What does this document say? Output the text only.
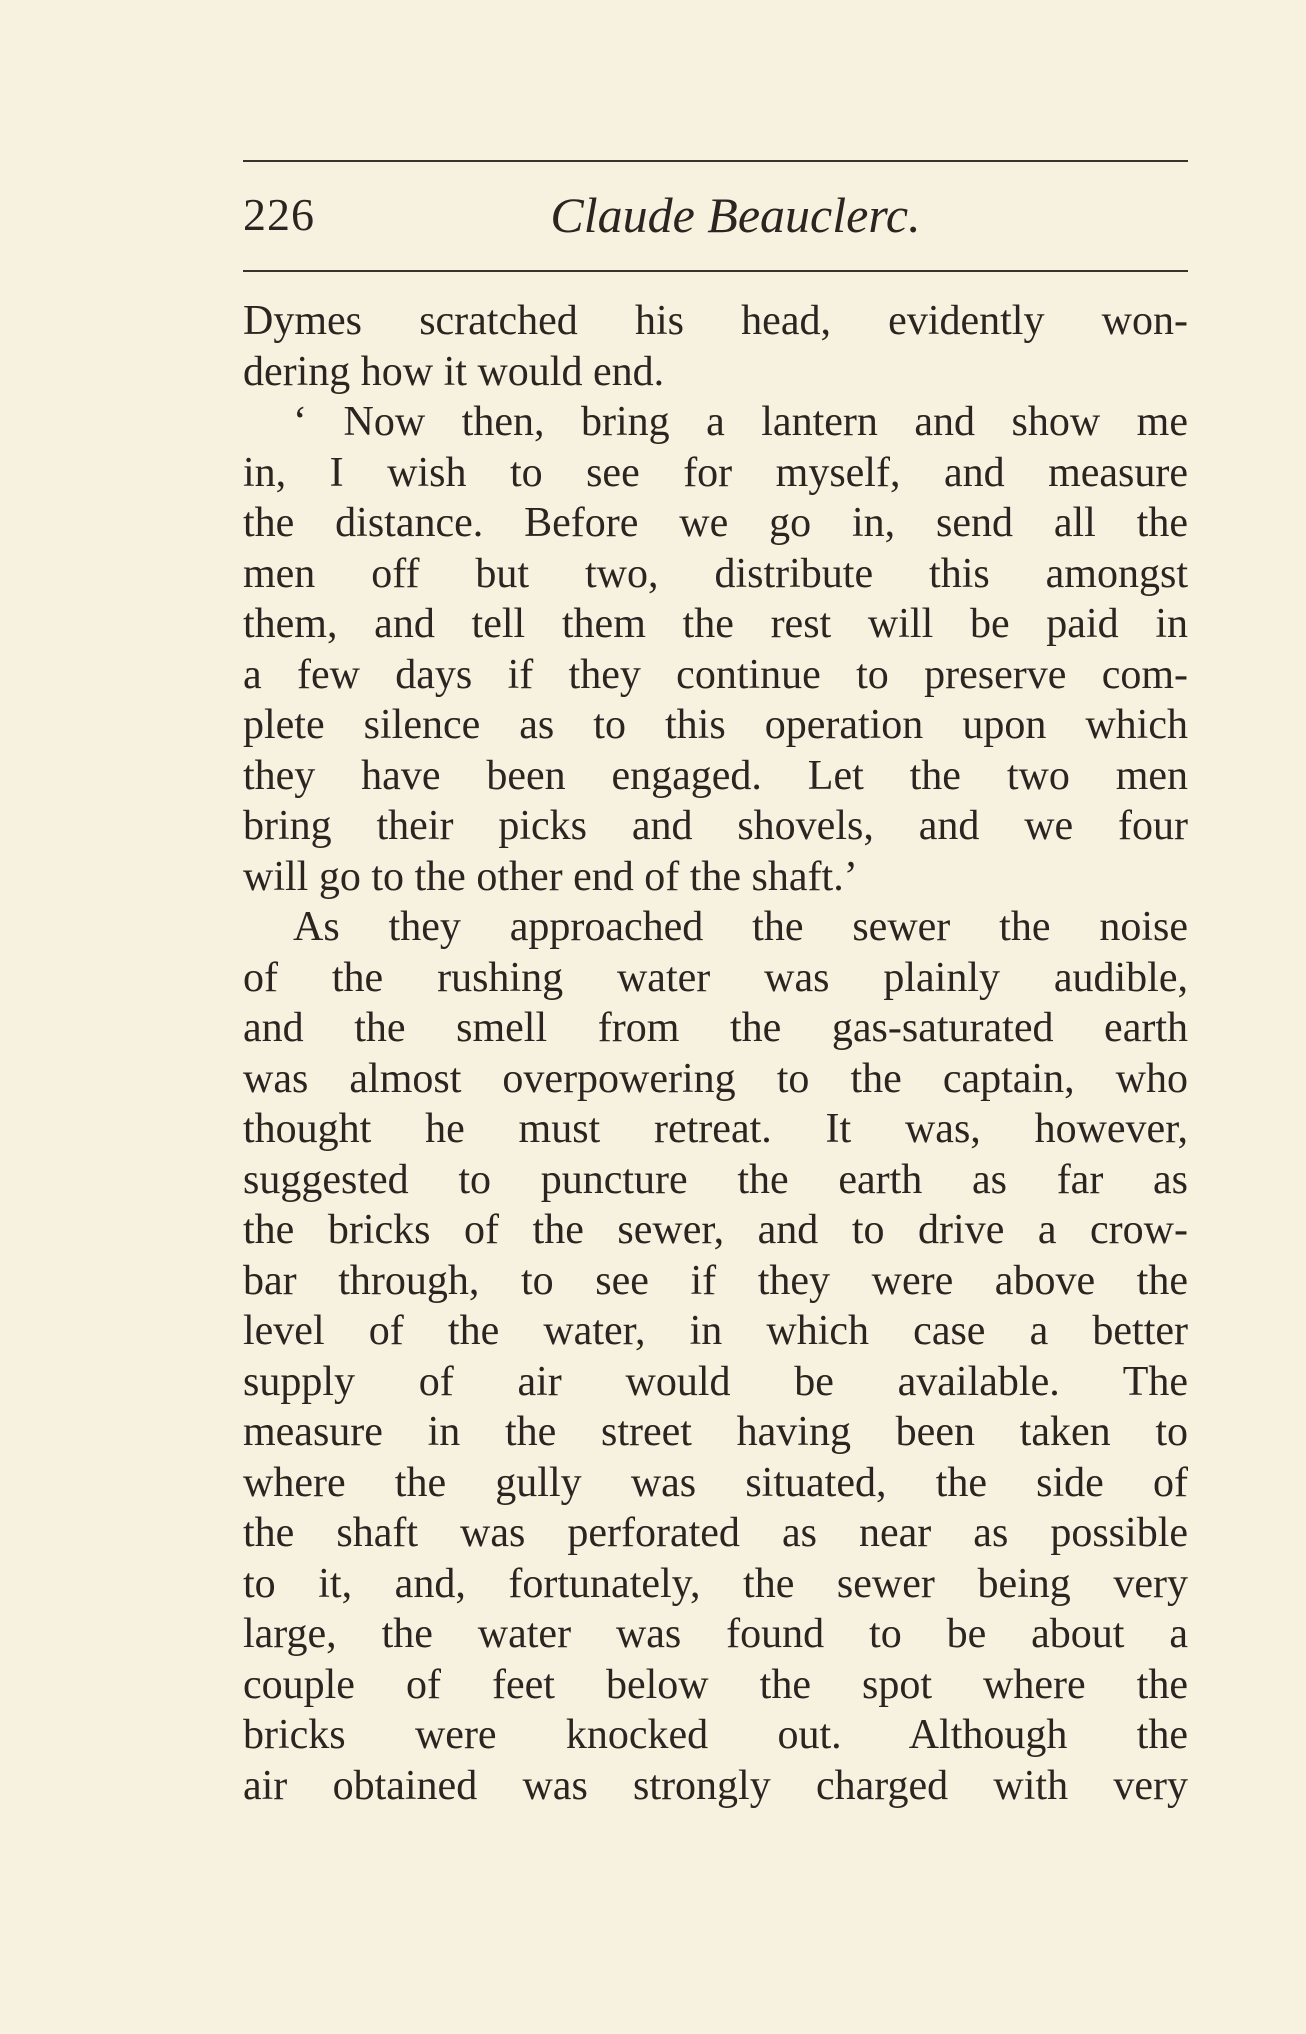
226	Claude Beauclerc.
Dymes scratched his head, evidently won-
dering how it would end.
‘ Now then, bring a lantern and show me
in, I wish to see for myself, and measure
the distance. Before we go in, send all the
men off but two, distribute this amongst
them, and tell them the rest will be paid in
a few days if they continue to preserve com-
plete silence as to this operation upon which
they have been engaged. Let the two men
bring their picks and shovels, and we four
will go to the other end of the shaft.’
As they approached the sewer the noise
of the rushing water was plainly audible,
and the smell from the gas-saturated earth
was almost overpowering to the captain, who
thought he must retreat. It was, however,
suggested to puncture the earth as far as
the bricks of the sewer, and to drive a crow-
bar through, to see if they were above the
level of the water, in which case a better
supply of air would be available. The
measure in the street having been taken to
where the gully was situated, the side of
the shaft was perforated as near as possible
to it, and, fortunately, the sewer being very
large, the water was found to be about a
couple of feet below the spot where the
bricks were knocked out. Although the
air obtained was strongly charged with very
